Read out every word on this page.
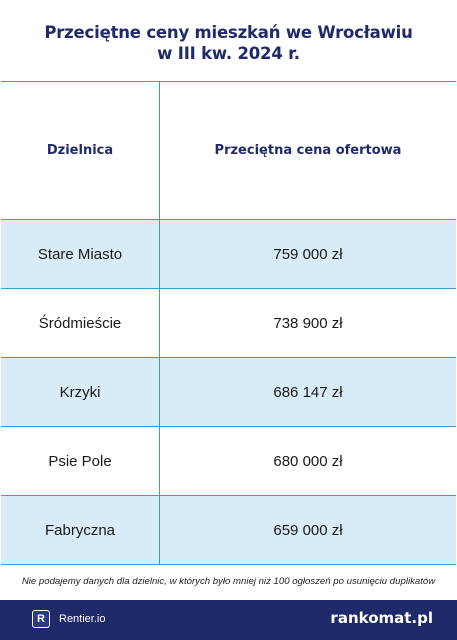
Przeciętne ceny mieszkań we Wrocławiu
w III kw. 2024 r.
Dzielnica	Przeciętna cena ofertowa
Stare Miasto	759 000 zł
Śródmieście	738 900 zł
Krzyki	686 147 zł
Psie Pole	680 000 zł
Fabryczna	659 000 zł
Nie podajemy danych dla dzielnic, w których było mniej niż 100 ogłoszeń po usunięciu duplikatów
R	Rentier.io	rankomat.pl
